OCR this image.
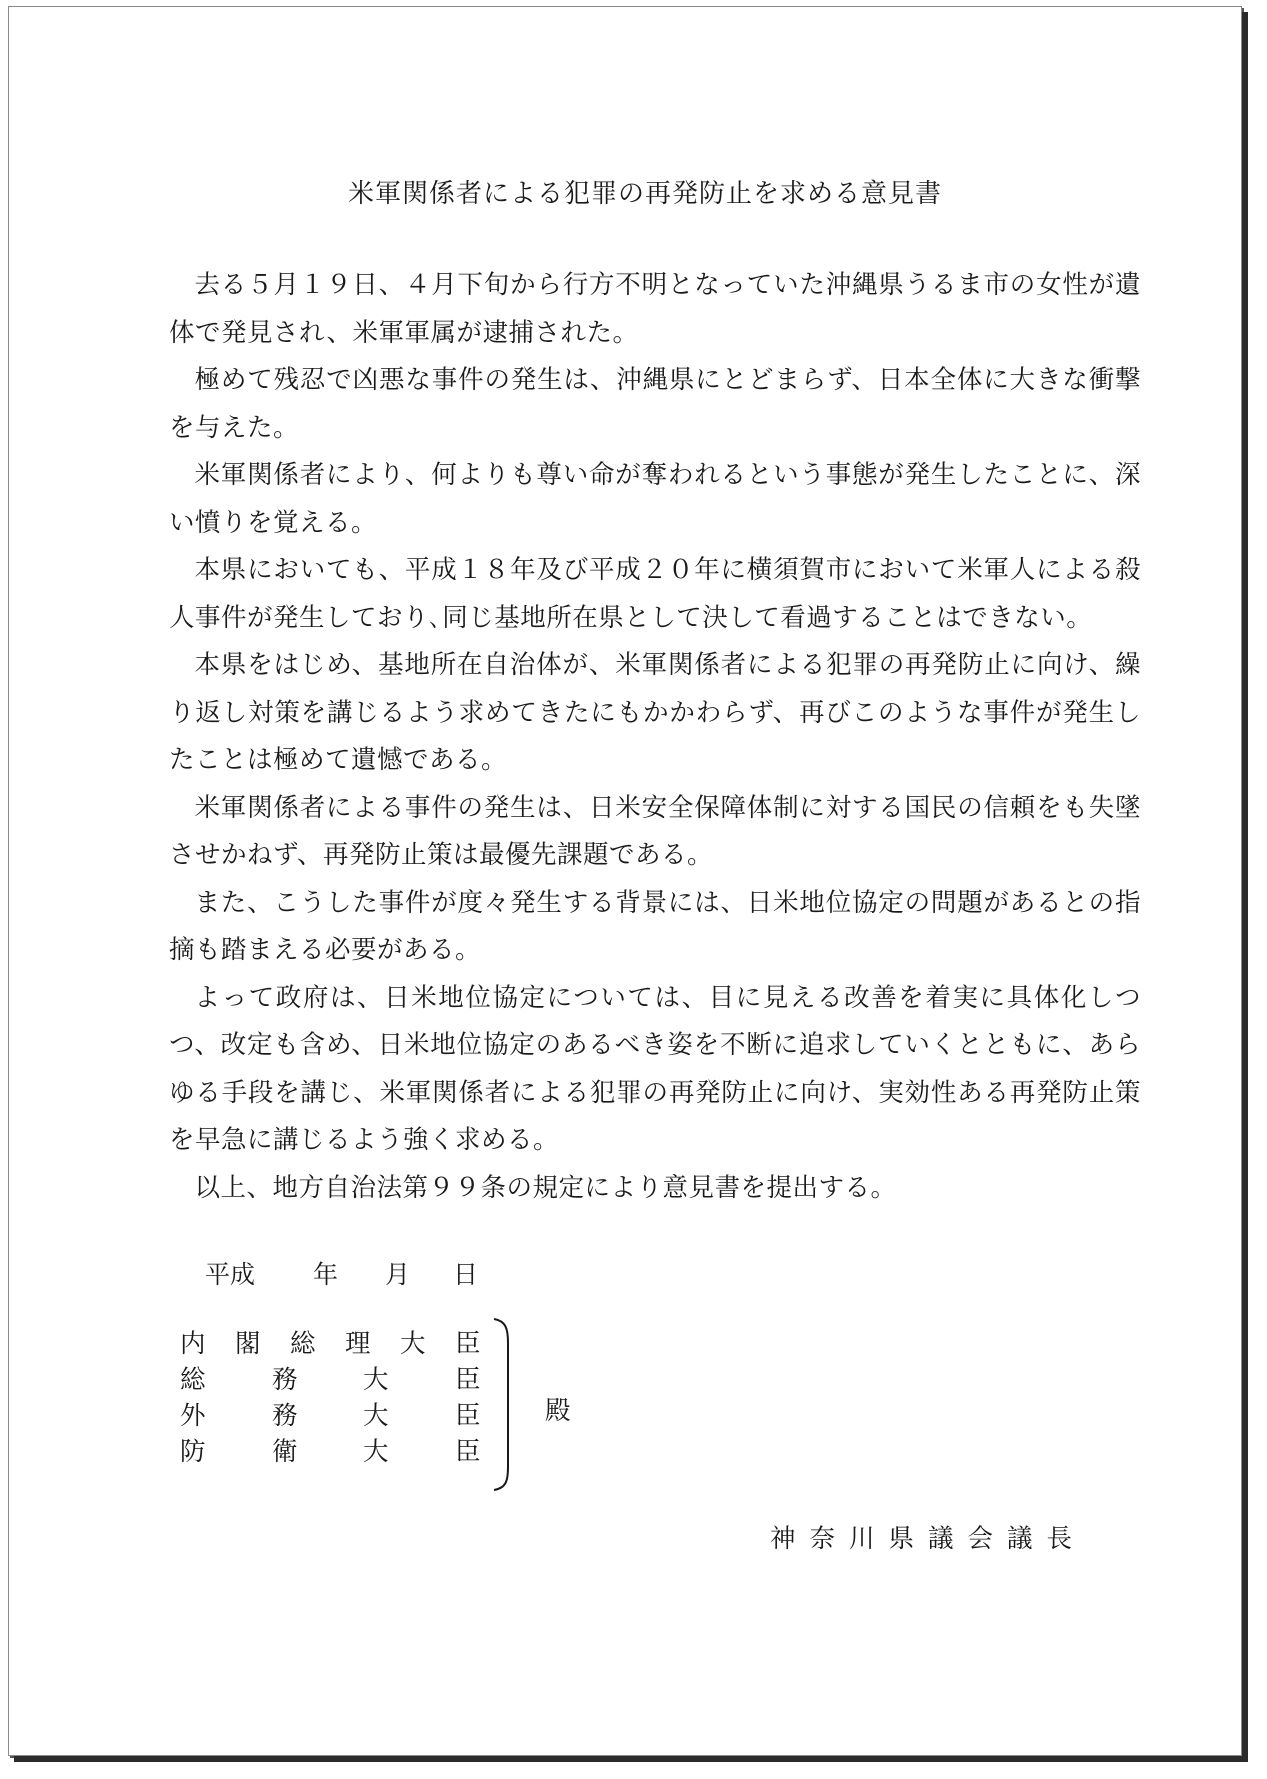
米軍関係者による犯罪の再発防止を求める意見書

去る５月１９日、４月下旬から行方不明となっていた沖縄県うるま市の女性が遺体で発見され、米軍軍属が逮捕された。

極めて残忍で凶悪な事件の発生は、沖縄県にとどまらず、日本全体に大きな衝撃を与えた。

米軍関係者により、何よりも尊い命が奪われるという事態が発生したことに、深い憤りを覚える。

本県においても、平成１８年及び平成２０年に横須賀市において米軍人による殺人事件が発生しており､同じ基地所在県として決して看過することはできない。

本県をはじめ、基地所在自治体が、米軍関係者による犯罪の再発防止に向け、繰り返し対策を講じるよう求めてきたにもかかわらず、再びこのような事件が発生したことは極めて遺憾である。

米軍関係者による事件の発生は、日米安全保障体制に対する国民の信頼をも失墜させかねず、再発防止策は最優先課題である。

また、こうした事件が度々発生する背景には、日米地位協定の問題があるとの指摘も踏まえる必要がある。

よって政府は、日米地位協定については、目に見える改善を着実に具体化しつつ、改定も含め、日米地位協定のあるべき姿を不断に追求していくとともに、あらゆる手段を講じ、米軍関係者による犯罪の再発防止に向け、実効性ある再発防止策を早急に講じるよう強く求める。

以上、地方自治法第９９条の規定により意見書を提出する。

平成 年 月 日
内 閣 総 理 大 臣
総	務	大	臣
外	務	大	臣
防	衛	大	臣
殿
神奈川県議会議長
